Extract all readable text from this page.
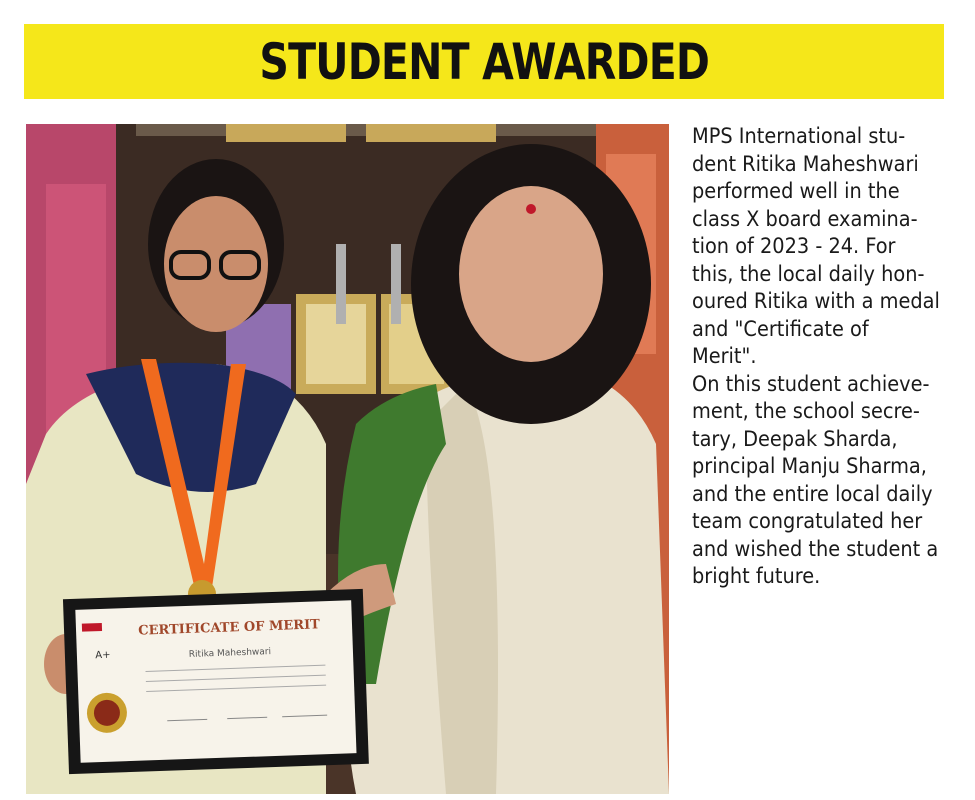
STUDENT AWARDED
CERTIFICATE OF MERIT
Ritika Maheshwari
A+

MPS International stu-
dent Ritika Maheshwari
performed well in the
class X board examina-
tion of 2023 - 24. For
this, the local daily hon-
oured Ritika with a medal
and "Certificate of
Merit".

On this student achieve-
ment, the school secre-
tary, Deepak Sharda,
principal Manju Sharma,
and the entire local daily
team congratulated her
and wished the student a
bright future.
